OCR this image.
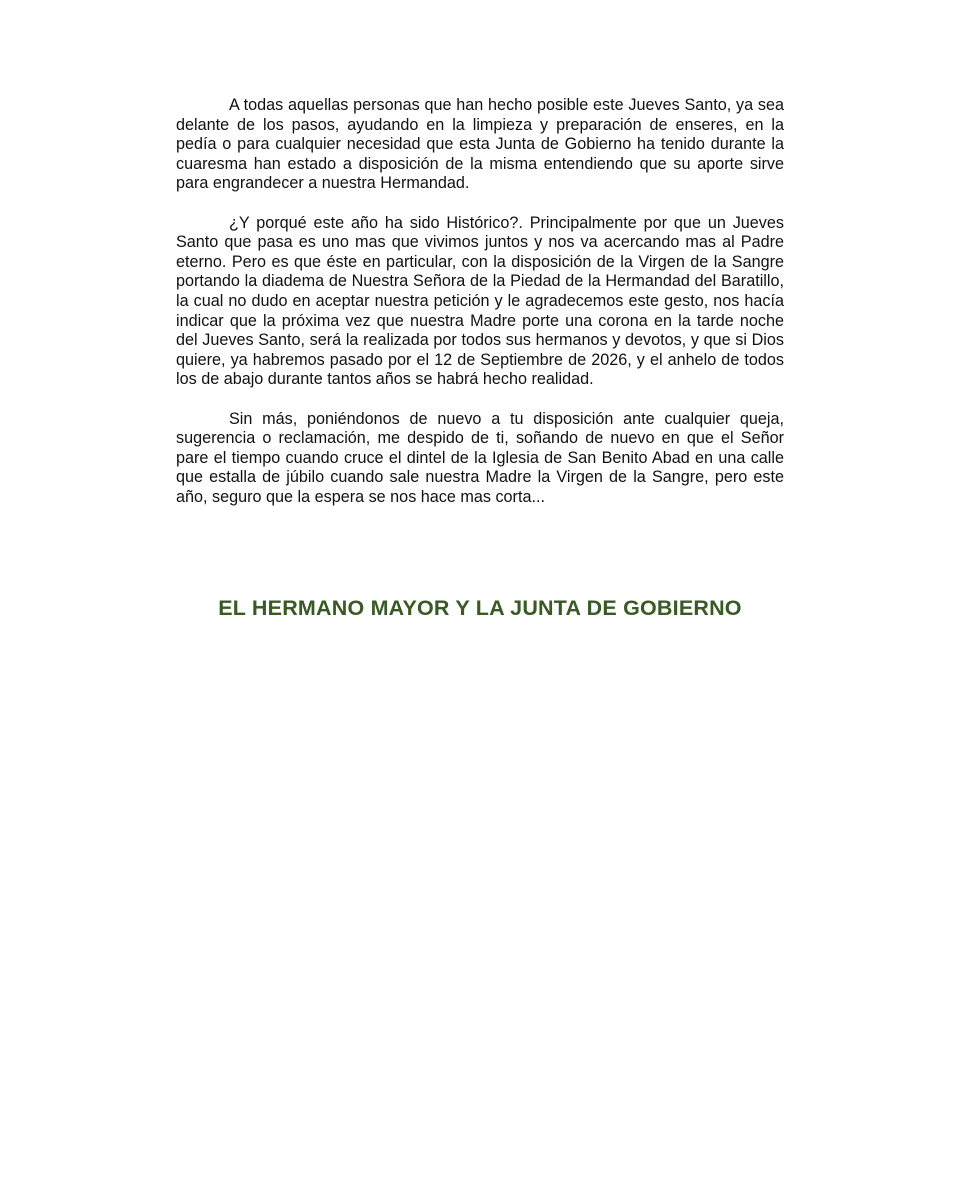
A todas aquellas personas que han hecho posible este Jueves Santo, ya sea delante de los pasos, ayudando en la limpieza y preparación de enseres, en la pedía o para cualquier necesidad que esta Junta de Gobierno ha tenido durante la cuaresma han estado a disposición de la misma entendiendo que su aporte sirve para engrandecer a nuestra Hermandad.

¿Y porqué este año ha sido Histórico?. Principalmente por que un Jueves Santo que pasa es uno mas que vivimos juntos y nos va acercando mas al Padre eterno. Pero es que éste en particular, con la disposición de la Virgen de la Sangre portando la diadema de Nuestra Señora de la Piedad de la Hermandad del Baratillo, la cual no dudo en aceptar nuestra petición y le agradecemos este gesto, nos hacía indicar que la próxima vez que nuestra Madre porte una corona en la tarde noche del Jueves Santo, será la realizada por todos sus hermanos y devotos, y que si Dios quiere, ya habremos pasado por el 12 de Septiembre de 2026, y el anhelo de todos los de abajo durante tantos años se habrá hecho realidad.

Sin más, poniéndonos de nuevo a tu disposición ante cualquier queja, sugerencia o reclamación, me despido de ti, soñando de nuevo en que el Señor pare el tiempo cuando cruce el dintel de la Iglesia de San Benito Abad en una calle que estalla de júbilo cuando sale nuestra Madre la Virgen de la Sangre, pero este año, seguro que la espera se nos hace mas corta...

EL HERMANO MAYOR Y LA JUNTA DE GOBIERNO
